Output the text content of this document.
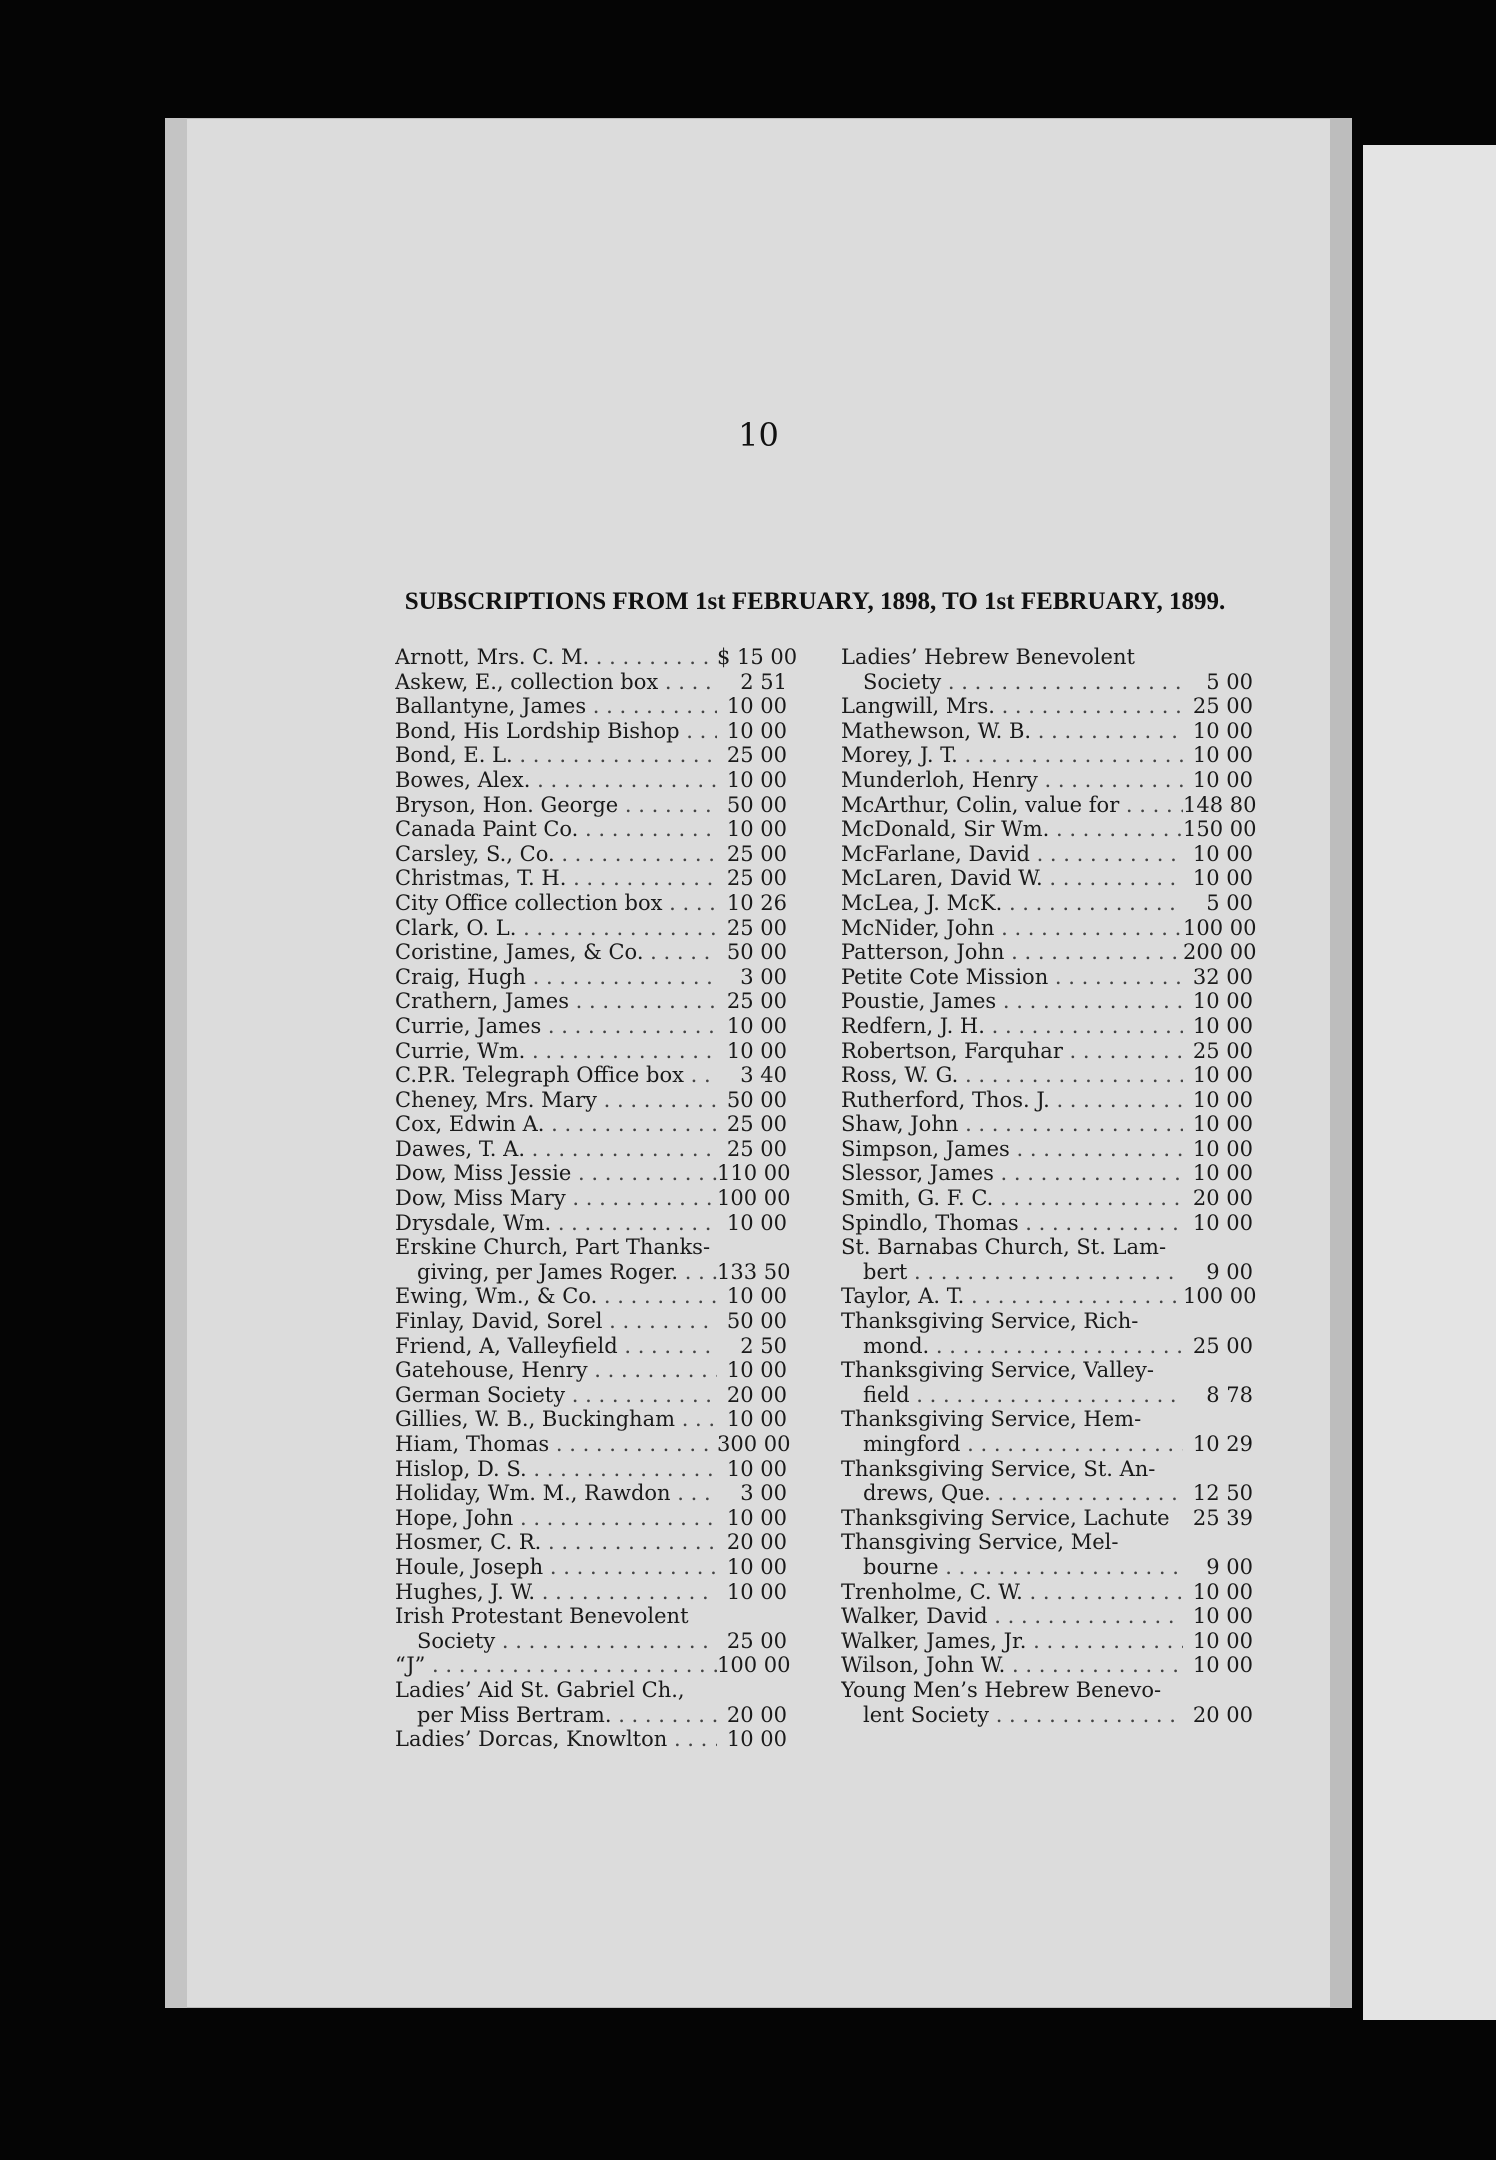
10
SUBSCRIPTIONS FROM 1st FEBRUARY, 1898, TO 1st FEBRUARY, 1899.
Arnott, Mrs. C. M. . . .	$ 15 00
Askew, E., collection box . . .	2 51
Ballantyne, James . . .	10 00
Bond, His Lordship Bishop . . .	10 00
Bond, E. L. . . .	25 00
Bowes, Alex. . . .	10 00
Bryson, Hon. George . . .	50 00
Canada Paint Co. . . .	10 00
Carsley, S., Co. . . .	25 00
Christmas, T. H. . . .	25 00
City Office collection box . . .	10 26
Clark, O. L. . . .	25 00
Coristine, James, & Co. . . .	50 00
Craig, Hugh . . .	3 00
Crathern, James . . .	25 00
Currie, James . . .	10 00
Currie, Wm. . . .	10 00
C.P.R. Telegraph Office box . . .	3 40
Cheney, Mrs. Mary . . .	50 00
Cox, Edwin A. . . .	25 00
Dawes, T. A. . . .	25 00
Dow, Miss Jessie . . .	110 00
Dow, Miss Mary . . .	100 00
Drysdale, Wm. . . .	10 00
Erskine Church, Part Thanks-
giving, per James Roger. . . .	133 50
Ewing, Wm., & Co. . . .	10 00
Finlay, David, Sorel . . .	50 00
Friend, A, Valleyfield . . .	2 50
Gatehouse, Henry . . .	10 00
German Society . . .	20 00
Gillies, W. B., Buckingham . . .	10 00
Hiam, Thomas . . .	300 00
Hislop, D. S. . . .	10 00
Holiday, Wm. M., Rawdon . . .	3 00
Hope, John . . .	10 00
Hosmer, C. R. . . .	20 00
Houle, Joseph . . .	10 00
Hughes, J. W. . . .	10 00
Irish Protestant Benevolent
Society . . .	25 00
“J” . . .	100 00
Ladies’ Aid St. Gabriel Ch.,
per Miss Bertram. . . .	20 00
Ladies’ Dorcas, Knowlton . . .	10 00
Ladies’ Hebrew Benevolent
Society . . .	5 00
Langwill, Mrs. . . .	25 00
Mathewson, W. B. . . .	10 00
Morey, J. T. . . .	10 00
Munderloh, Henry . . .	10 00
McArthur, Colin, value for . . .	148 80
McDonald, Sir Wm. . . .	150 00
McFarlane, David . . .	10 00
McLaren, David W. . . .	10 00
McLea, J. McK. . . .	5 00
McNider, John . . .	100 00
Patterson, John . . .	200 00
Petite Cote Mission . . .	32 00
Poustie, James . . .	10 00
Redfern, J. H. . . .	10 00
Robertson, Farquhar . . .	25 00
Ross, W. G. . . .	10 00
Rutherford, Thos. J. . . .	10 00
Shaw, John . . .	10 00
Simpson, James . . .	10 00
Slessor, James . . .	10 00
Smith, G. F. C. . . .	20 00
Spindlo, Thomas . . .	10 00
St. Barnabas Church, St. Lam-
bert . . .	9 00
Taylor, A. T. . . .	100 00
Thanksgiving Service, Rich-
mond. . . .	25 00
Thanksgiving Service, Valley-
field . . .	8 78
Thanksgiving Service, Hem-
mingford . . .	10 29
Thanksgiving Service, St. An-
drews, Que. . . .	12 50
Thanksgiving Service, Lachute	25 39
Thansgiving Service, Mel-
bourne . . .	9 00
Trenholme, C. W. . . .	10 00
Walker, David . . .	10 00
Walker, James, Jr. . . .	10 00
Wilson, John W. . . .	10 00
Young Men’s Hebrew Benevo-
lent Society . . .	20 00
